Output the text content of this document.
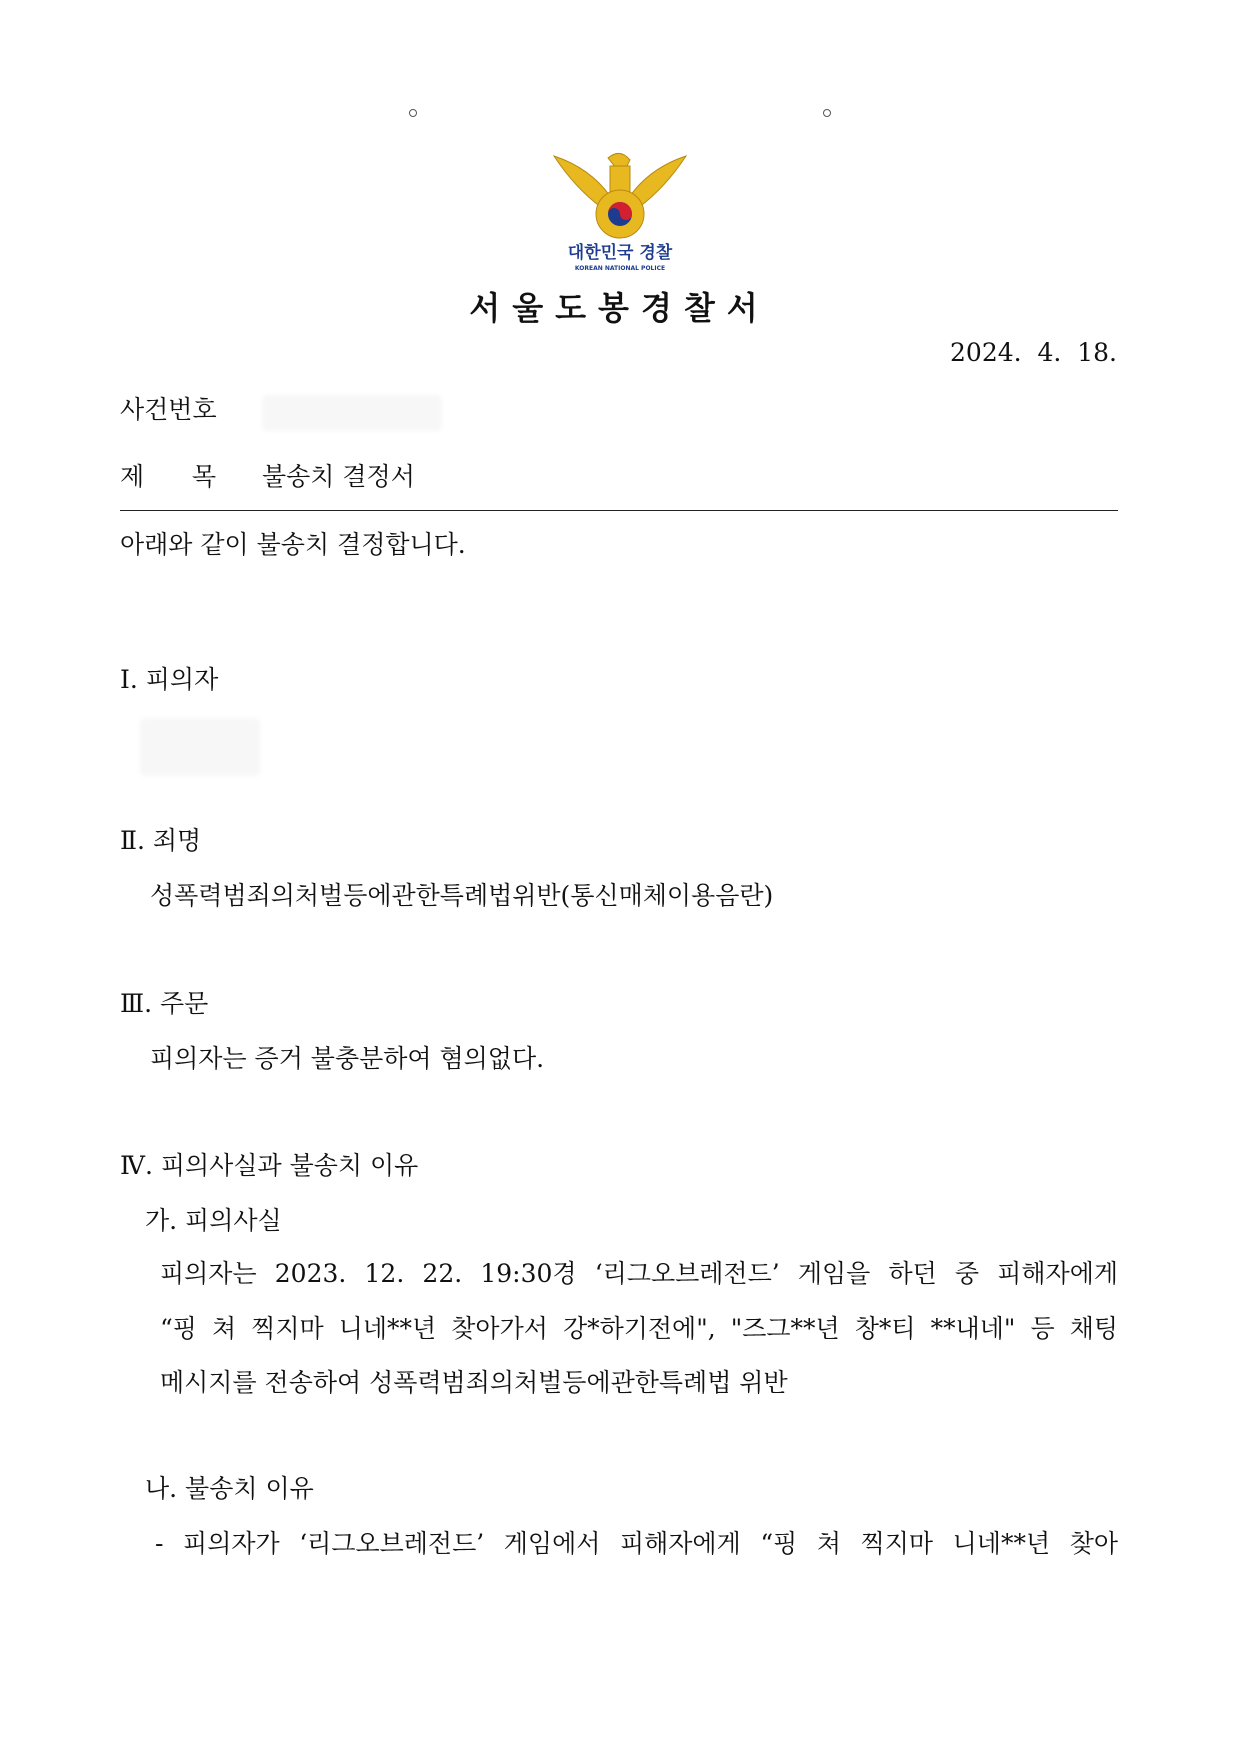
대한민국 경찰
KOREAN NATIONAL POLICE
서울도봉경찰서
2024.  4.  18.
사건번호
제      목 불송치 결정서
아래와 같이 불송치 결정합니다.
Ⅰ. 피의자
Ⅱ. 죄명
성폭력범죄의처벌등에관한특례법위반(통신매체이용음란)
Ⅲ. 주문
피의자는 증거 불충분하여 혐의없다.
Ⅳ. 피의사실과 불송치 이유
가. 피의사실
피의자는 2023. 12. 22. 19:30경 ‘리그오브레전드’ 게임을 하던 중 피해자에게
“핑 쳐 찍지마 니네**년 찾아가서 강*하기전에", "즈그**년 창*티 **내네" 등 채팅
메시지를 전송하여 성폭력범죄의처벌등에관한특례법 위반
나. 불송치 이유
- 피의자가 ‘리그오브레전드’ 게임에서 피해자에게 “핑 쳐 찍지마 니네**년 찾아
